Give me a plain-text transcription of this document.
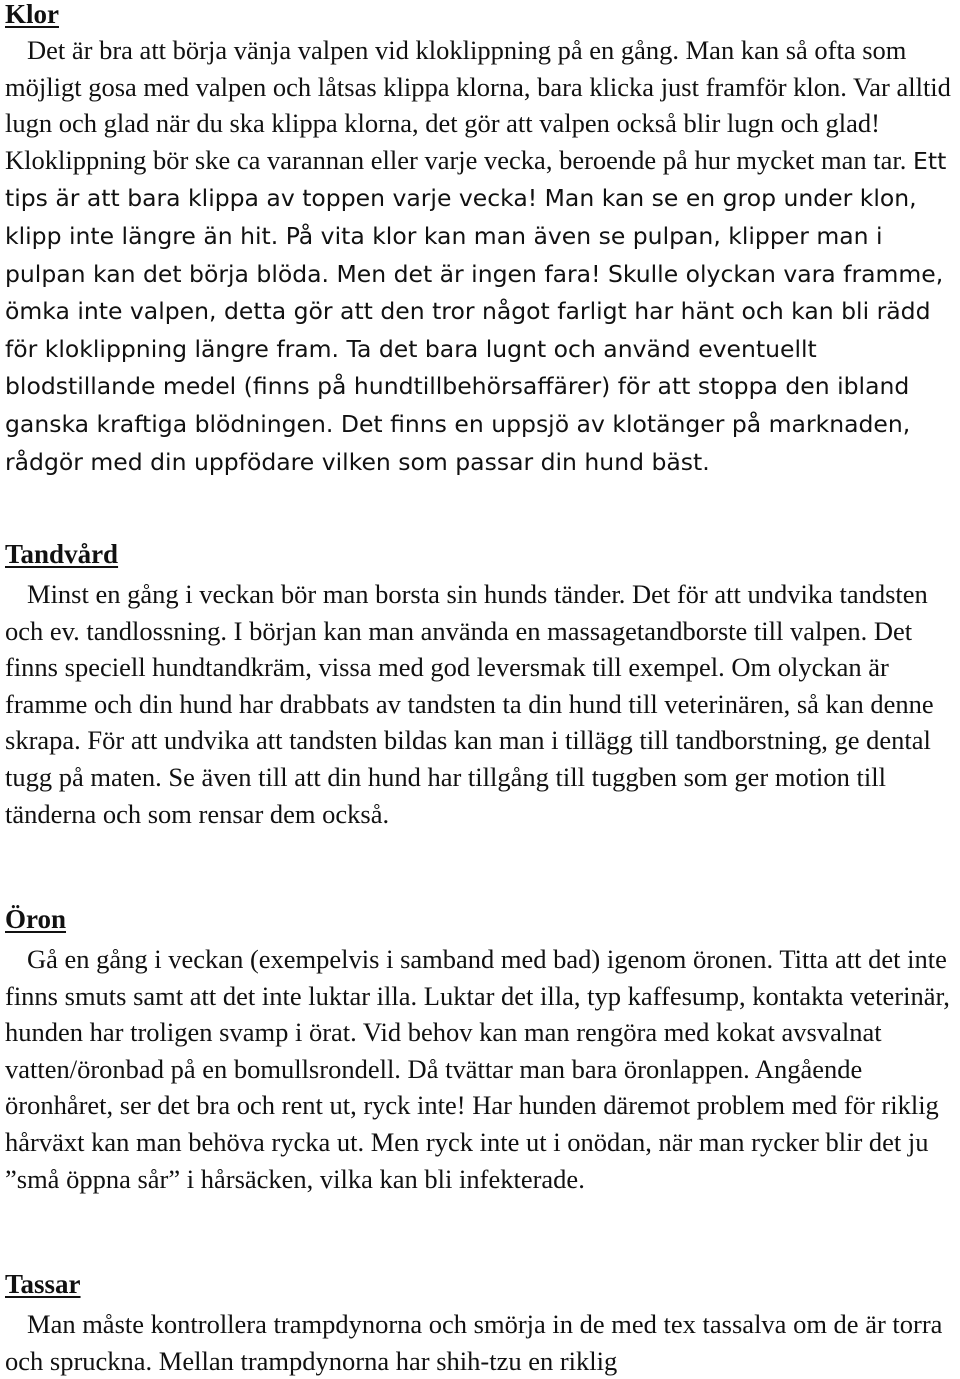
Klor

Det är bra att börja vänja valpen vid kloklippning på en gång. Man kan så ofta som möjligt gosa med valpen och låtsas klippa klorna, bara klicka just framför klon. Var alltid lugn och glad när du ska klippa klorna, det gör att valpen också blir lugn och glad! Kloklippning bör ske ca varannan eller varje vecka, beroende på hur mycket man tar. Ett tips är att bara klippa av toppen varje vecka! Man kan se en grop under klon, klipp inte längre än hit. På vita klor kan man även se pulpan, klipper man i pulpan kan det börja blöda. Men det är ingen fara! Skulle olyckan vara framme, ömka inte valpen, detta gör att den tror något farligt har hänt och kan bli rädd för kloklippning längre fram. Ta det bara lugnt och använd eventuellt blodstillande medel (finns på hundtillbehörsaffärer) för att stoppa den ibland ganska kraftiga blödningen. Det finns en uppsjö av klotänger på marknaden, rådgör med din uppfödare vilken som passar din hund bäst.

Tandvård

Minst en gång i veckan bör man borsta sin hunds tänder. Det för att undvika tandsten och ev. tandlossning. I början kan man använda en massagetandborste till valpen. Det finns speciell hundtandkräm, vissa med god leversmak till exempel. Om olyckan är framme och din hund har drabbats av tandsten ta din hund till veterinären, så kan denne skrapa. För att undvika att tandsten bildas kan man i tillägg till tandborstning, ge dental tugg på maten. Se även till att din hund har tillgång till tuggben som ger motion till tänderna och som rensar dem också.

Öron

Gå en gång i veckan (exempelvis i samband med bad) igenom öronen. Titta att det inte finns smuts samt att det inte luktar illa. Luktar det illa, typ kaffesump, kontakta veterinär, hunden har troligen svamp i örat. Vid behov kan man rengöra med kokat avsvalnat vatten/öronbad på en bomullsrondell. Då tvättar man bara öronlappen. Angående öronhåret, ser det bra och rent ut, ryck inte! Har hunden däremot problem med för riklig hårväxt kan man behöva rycka ut. Men ryck inte ut i onödan, när man rycker blir det ju ”små öppna sår” i hårsäcken, vilka kan bli infekterade.

Tassar

Man måste kontrollera trampdynorna och smörja in de med tex tassalva om de är torra och spruckna. Mellan trampdynorna har shih-tzu en riklig
